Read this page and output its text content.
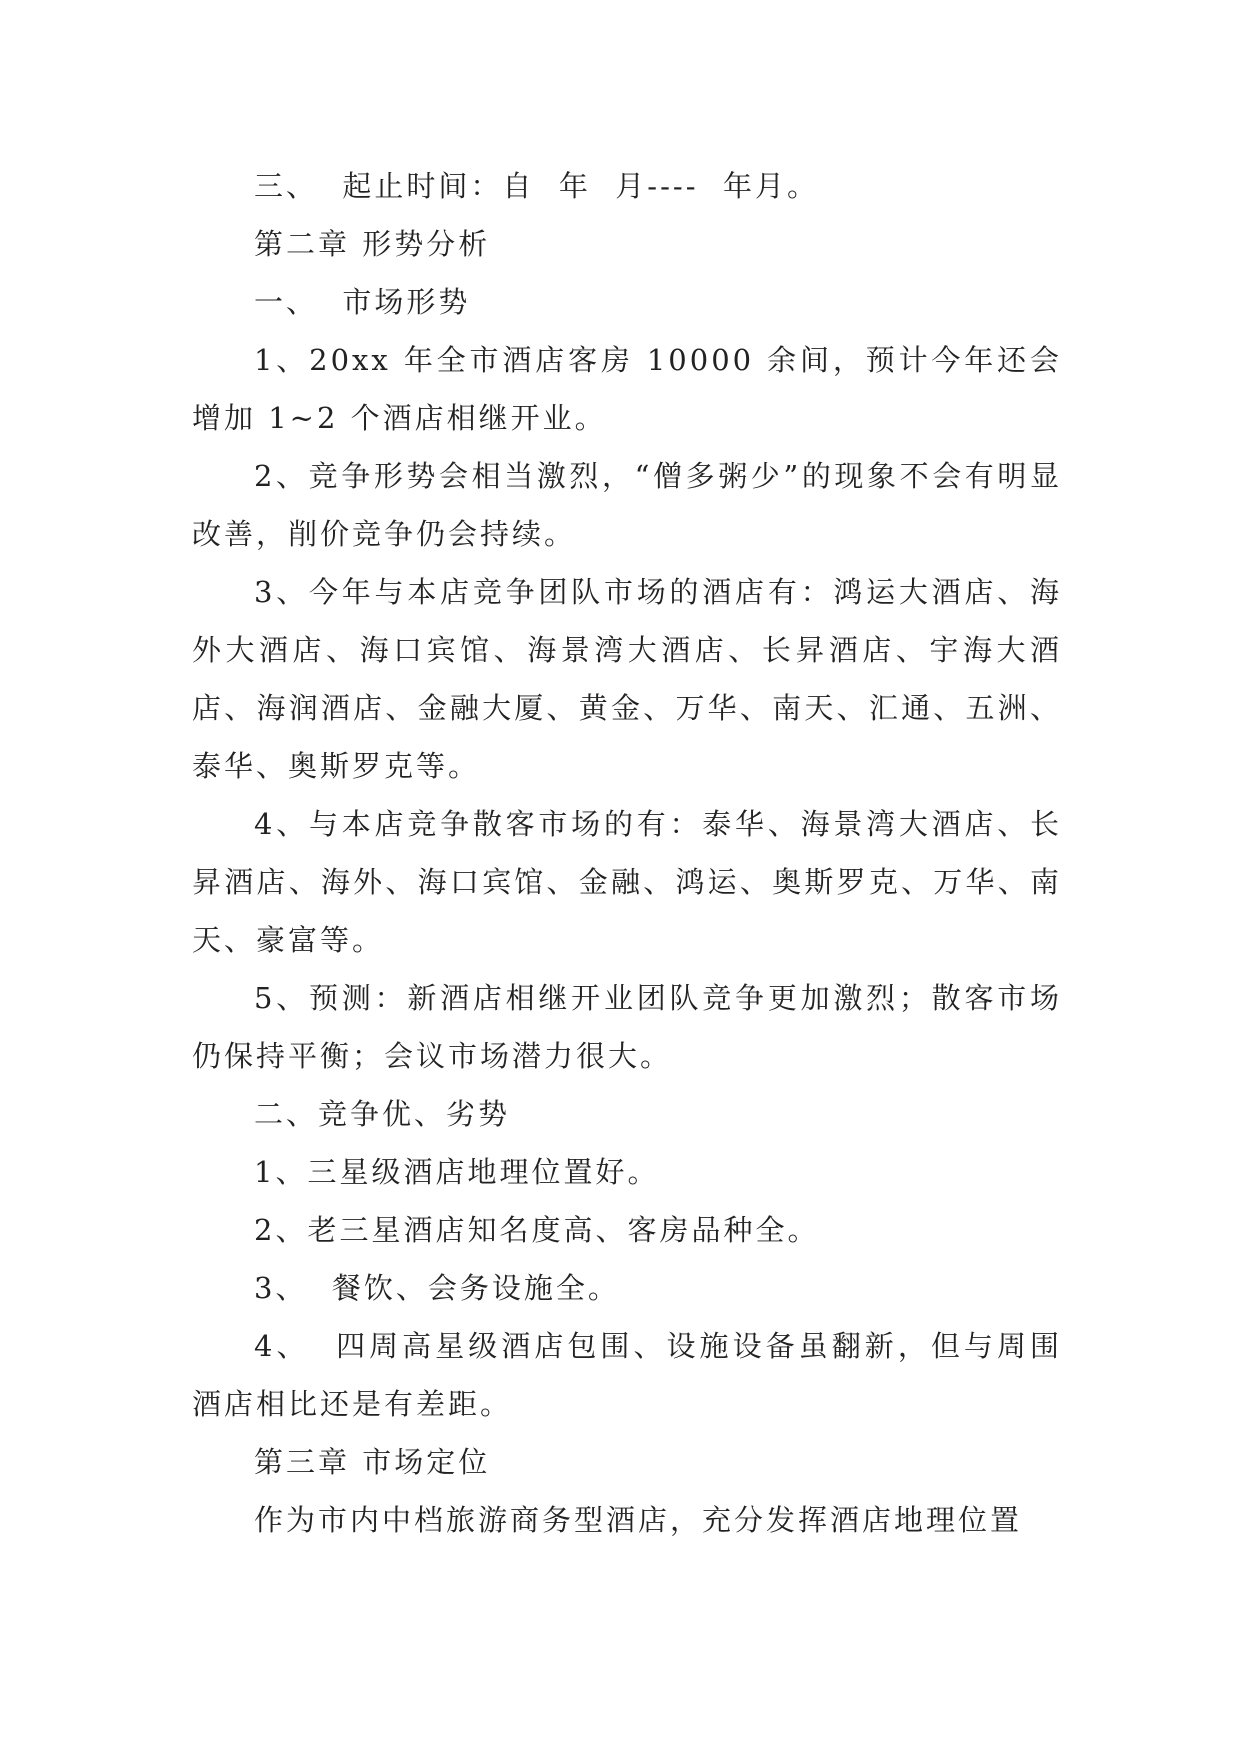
三、  起止时间：自  年  月----  年月。

第二章 形势分析

一、  市场形势

1、20xx 年全市酒店客房 10000 余间，预计今年还会增加 1~2 个酒店相继开业。

2、竞争形势会相当激烈，“僧多粥少”的现象不会有明显改善，削价竞争仍会持续。

3、今年与本店竞争团队市场的酒店有：鸿运大酒店、海外大酒店、海口宾馆、海景湾大酒店、长昇酒店、宇海大酒店、海润酒店、金融大厦、黄金、万华、南天、汇通、五洲、泰华、奥斯罗克等。

4、与本店竞争散客市场的有：泰华、海景湾大酒店、长昇酒店、海外、海口宾馆、金融、鸿运、奥斯罗克、万华、南天、豪富等。

5、预测：新酒店相继开业团队竞争更加激烈；散客市场仍保持平衡；会议市场潜力很大。

二、竞争优、劣势

1、三星级酒店地理位置好。

2、老三星酒店知名度高、客房品种全。

3、  餐饮、会务设施全。

4、  四周高星级酒店包围、设施设备虽翻新，但与周围酒店相比还是有差距。

第三章 市场定位

作为市内中档旅游商务型酒店，充分发挥酒店地理位置
